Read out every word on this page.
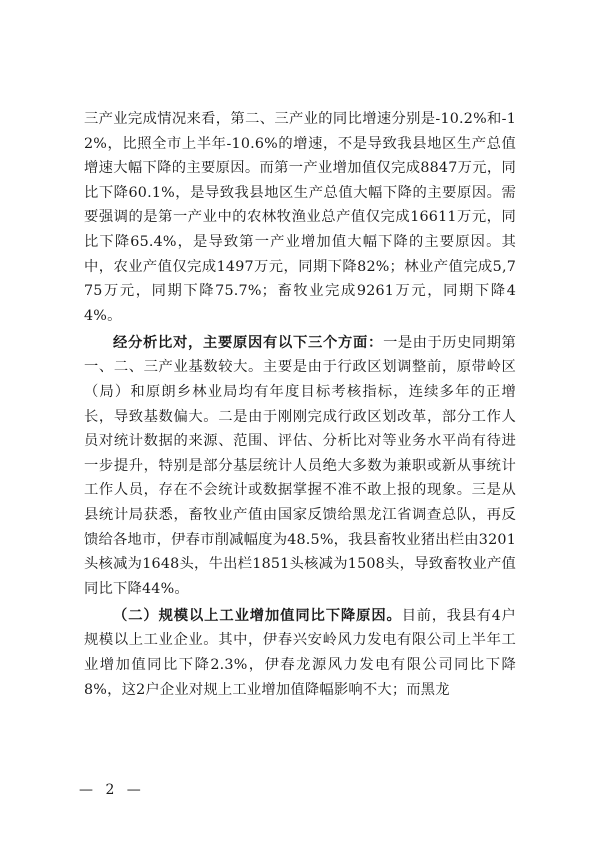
三产业完成情况来看，第二、三产业的同比增速分别是-10.2%和-12%，比照全市上半年-10.6%的增速，不是导致我县地区生产总值增速大幅下降的主要原因。而第一产业增加值仅完成8847万元，同比下降60.1%，是导致我县地区生产总值大幅下降的主要原因。需要强调的是第一产业中的农林牧渔业总产值仅完成16611万元，同比下降65.4%，是导致第一产业增加值大幅下降的主要原因。其中，农业产值仅完成1497万元，同期下降82%；林业产值完成5,775万元，同期下降75.7%；畜牧业完成9261万元，同期下降44%。

经分析比对，主要原因有以下三个方面：一是由于历史同期第一、二、三产业基数较大。主要是由于行政区划调整前，原带岭区（局）和原朗乡林业局均有年度目标考核指标，连续多年的正增长，导致基数偏大。二是由于刚刚完成行政区划改革，部分工作人员对统计数据的来源、范围、评估、分析比对等业务水平尚有待进一步提升，特别是部分基层统计人员绝大多数为兼职或新从事统计工作人员，存在不会统计或数据掌握不准不敢上报的现象。三是从县统计局获悉，畜牧业产值由国家反馈给黑龙江省调查总队，再反馈给各地市，伊春市削减幅度为48.5%，我县畜牧业猪出栏由3201头核减为1648头，牛出栏1851头核减为1508头，导致畜牧业产值同比下降44%。

（二）规模以上工业增加值同比下降原因。目前，我县有4户规模以上工业企业。其中，伊春兴安岭风力发电有限公司上半年工业增加值同比下降2.3%，伊春龙源风力发电有限公司同比下降8%，这2户企业对规上工业增加值降幅影响不大；而黑龙

— 2 —
